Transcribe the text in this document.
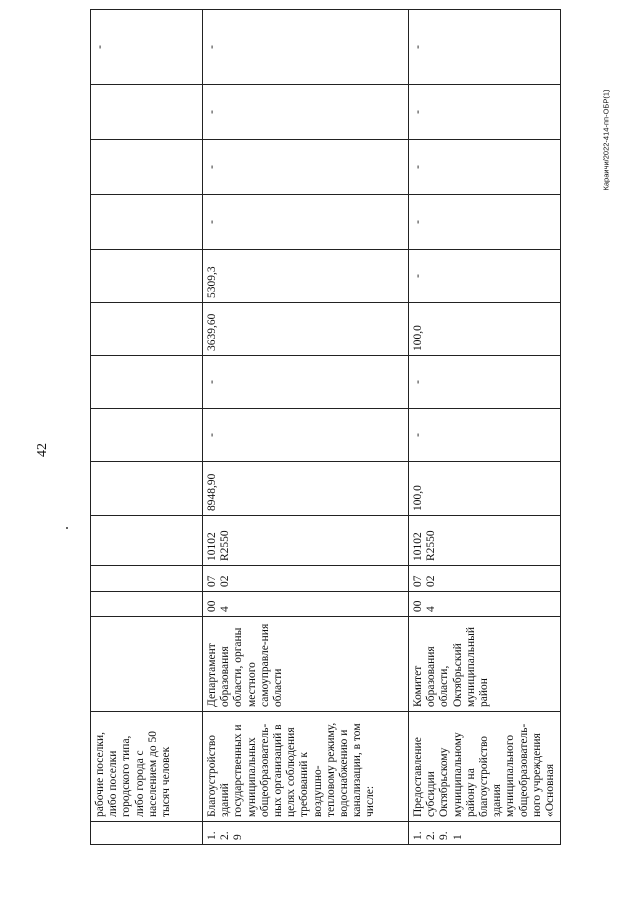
42
Караичи/2022-414-пп-ОБР(1)
	рабочие поселки, либо поселки городского типа, либо города с населением до 50 тысяч человек													-
1.2.9	Благоустройство зданий государственных и муниципальных общеобразователь-ных организаций в целях соблюдения требований к воздушно-тепловому режиму, водоснабжению и канализации, в том числе:	Департамент образования области, органы местного самоуправле-ния области	004	0702	10102 R2550	8948,90	-	-	3639,60	5309,3	-	-	-	-
1.2.9. 1	Предоставление субсидии Октябрьскому муниципальному району на благоустройство здания муниципального общеобразователь-ного учреждения «Основная	Комитет образования области, Октябрьский муниципальный район	004	0702	10102 R2550	100,0	-	-	100,0	-	-	-	-	-
